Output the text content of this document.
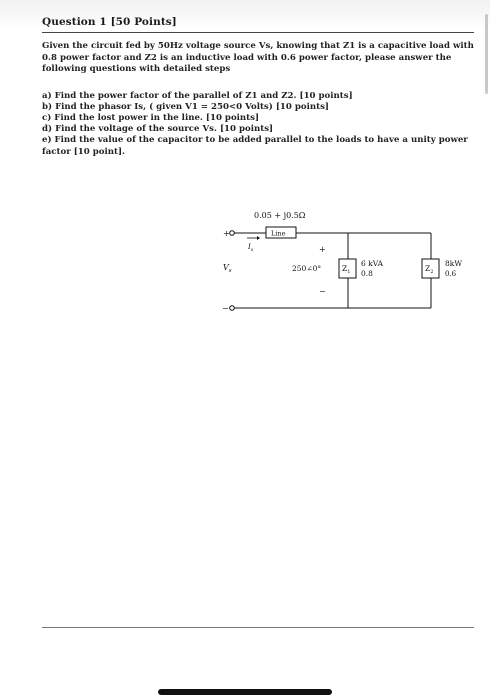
Question 1 [50 Points]

Given the circuit fed by 50Hz voltage source Vs, knowing that Z1 is a capacitive load with 0.8 power factor and Z2 is an inductive load with 0.6 power factor, please answer the following questions with detailed steps

a) Find the power factor of the parallel of Z1 and Z2. [10 points]

b) Find the phasor Is, ( given V1 = 250<0 Volts) [10 points]

c) Find the lost power in the line. [10 points]

d) Find the voltage of the source Vs. [10 points]

e) Find the value of the capacitor to be added parallel to the loads to have a unity power factor [10 point].

0.05 + j0.5Ω
Line
+
−
$I_s$
$V_s$
+
−
250∠0°	$Z_1$
6 kVA
0.8
$Z_2$
8kW
0.6
